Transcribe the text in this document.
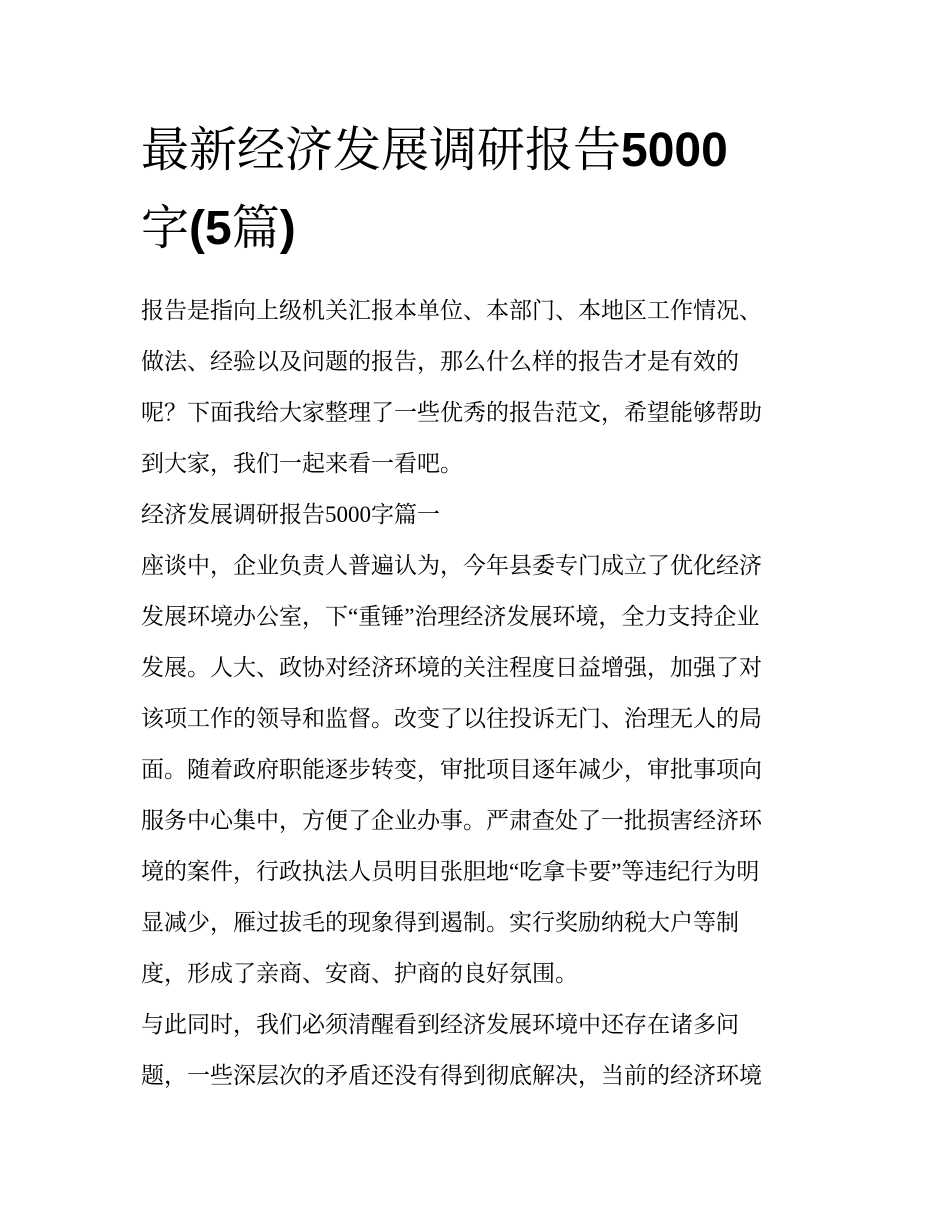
最新经济发展调研报告5000
字(5篇)

报告是指向上级机关汇报本单位、本部门、本地区工作情况、
做法、经验以及问题的报告，那么什么样的报告才是有效的
呢？下面我给大家整理了一些优秀的报告范文，希望能够帮助
到大家，我们一起来看一看吧。

经济发展调研报告5000字篇一

座谈中，企业负责人普遍认为，今年县委专门成立了优化经济
发展环境办公室，下“重锤”治理经济发展环境，全力支持企业
发展。人大、政协对经济环境的关注程度日益增强，加强了对
该项工作的领导和监督。改变了以往投诉无门、治理无人的局
面。随着政府职能逐步转变，审批项目逐年减少，审批事项向
服务中心集中，方便了企业办事。严肃查处了一批损害经济环
境的案件，行政执法人员明目张胆地“吃拿卡要”等违纪行为明
显减少，雁过拔毛的现象得到遏制。实行奖励纳税大户等制
度，形成了亲商、安商、护商的良好氛围。

与此同时，我们必须清醒看到经济发展环境中还存在诸多问
题，一些深层次的矛盾还没有得到彻底解决，当前的经济环境
